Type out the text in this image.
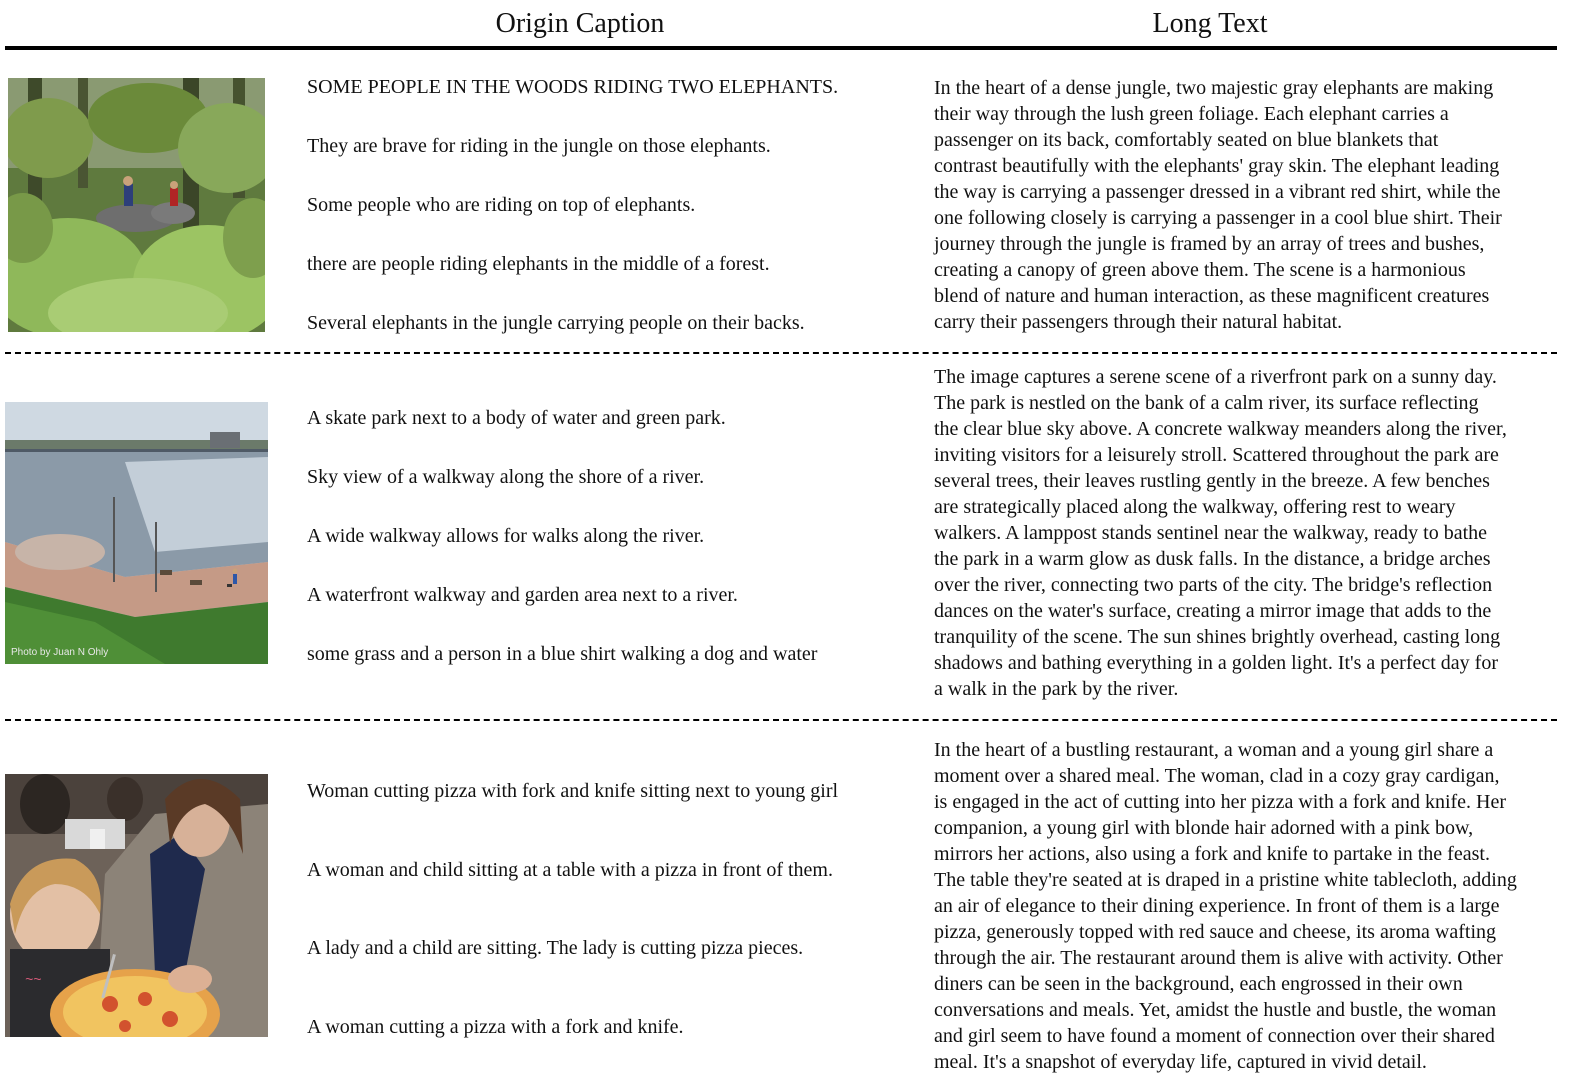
Origin Caption	Long Text
SOME PEOPLE IN THE WOODS RIDING TWO ELEPHANTS.
They are brave for riding in the jungle on those elephants.
Some people who are riding on top of elephants.
there are people riding elephants in the middle of a forest.
Several elephants in the jungle carrying people on their backs.
In the heart of a dense jungle, two majestic gray elephants are making
their way through the lush green foliage. Each elephant carries a
passenger on its back, comfortably seated on blue blankets that
contrast beautifully with the elephants' gray skin. The elephant leading
the way is carrying a passenger dressed in a vibrant red shirt, while the
one following closely is carrying a passenger in a cool blue shirt. Their
journey through the jungle is framed by an array of trees and bushes,
creating a canopy of green above them. The scene is a harmonious
blend of nature and human interaction, as these magnificent creatures
carry their passengers through their natural habitat.
Photo by Juan N Ohly
A skate park next to a body of water and green park.
Sky view of a walkway along the shore of a river.
A wide walkway allows for walks along the river.
A waterfront walkway and garden area next to a river.
some grass and a person in a blue shirt walking a dog and water
The image captures a serene scene of a riverfront park on a sunny day.
The park is nestled on the bank of a calm river, its surface reflecting
the clear blue sky above. A concrete walkway meanders along the river,
inviting visitors for a leisurely stroll. Scattered throughout the park are
several trees, their leaves rustling gently in the breeze. A few benches
are strategically placed along the walkway, offering rest to weary
walkers. A lamppost stands sentinel near the walkway, ready to bathe
the park in a warm glow as dusk falls. In the distance, a bridge arches
over the river, connecting two parts of the city. The bridge's reflection
dances on the water's surface, creating a mirror image that adds to the
tranquility of the scene. The sun shines brightly overhead, casting long
shadows and bathing everything in a golden light. It's a perfect day for
a walk in the park by the river.
~~
Woman cutting pizza with fork and knife sitting next to young girl
A woman and child sitting at a table with a pizza in front of them.
A lady and a child are sitting. The lady is cutting pizza pieces.
A woman cutting a pizza with a fork and knife.
In the heart of a bustling restaurant, a woman and a young girl share a
moment over a shared meal. The woman, clad in a cozy gray cardigan,
is engaged in the act of cutting into her pizza with a fork and knife. Her
companion, a young girl with blonde hair adorned with a pink bow,
mirrors her actions, also using a fork and knife to partake in the feast.
The table they're seated at is draped in a pristine white tablecloth, adding
an air of elegance to their dining experience. In front of them is a large
pizza, generously topped with red sauce and cheese, its aroma wafting
through the air. The restaurant around them is alive with activity. Other
diners can be seen in the background, each engrossed in their own
conversations and meals. Yet, amidst the hustle and bustle, the woman
and girl seem to have found a moment of connection over their shared
meal. It's a snapshot of everyday life, captured in vivid detail.
